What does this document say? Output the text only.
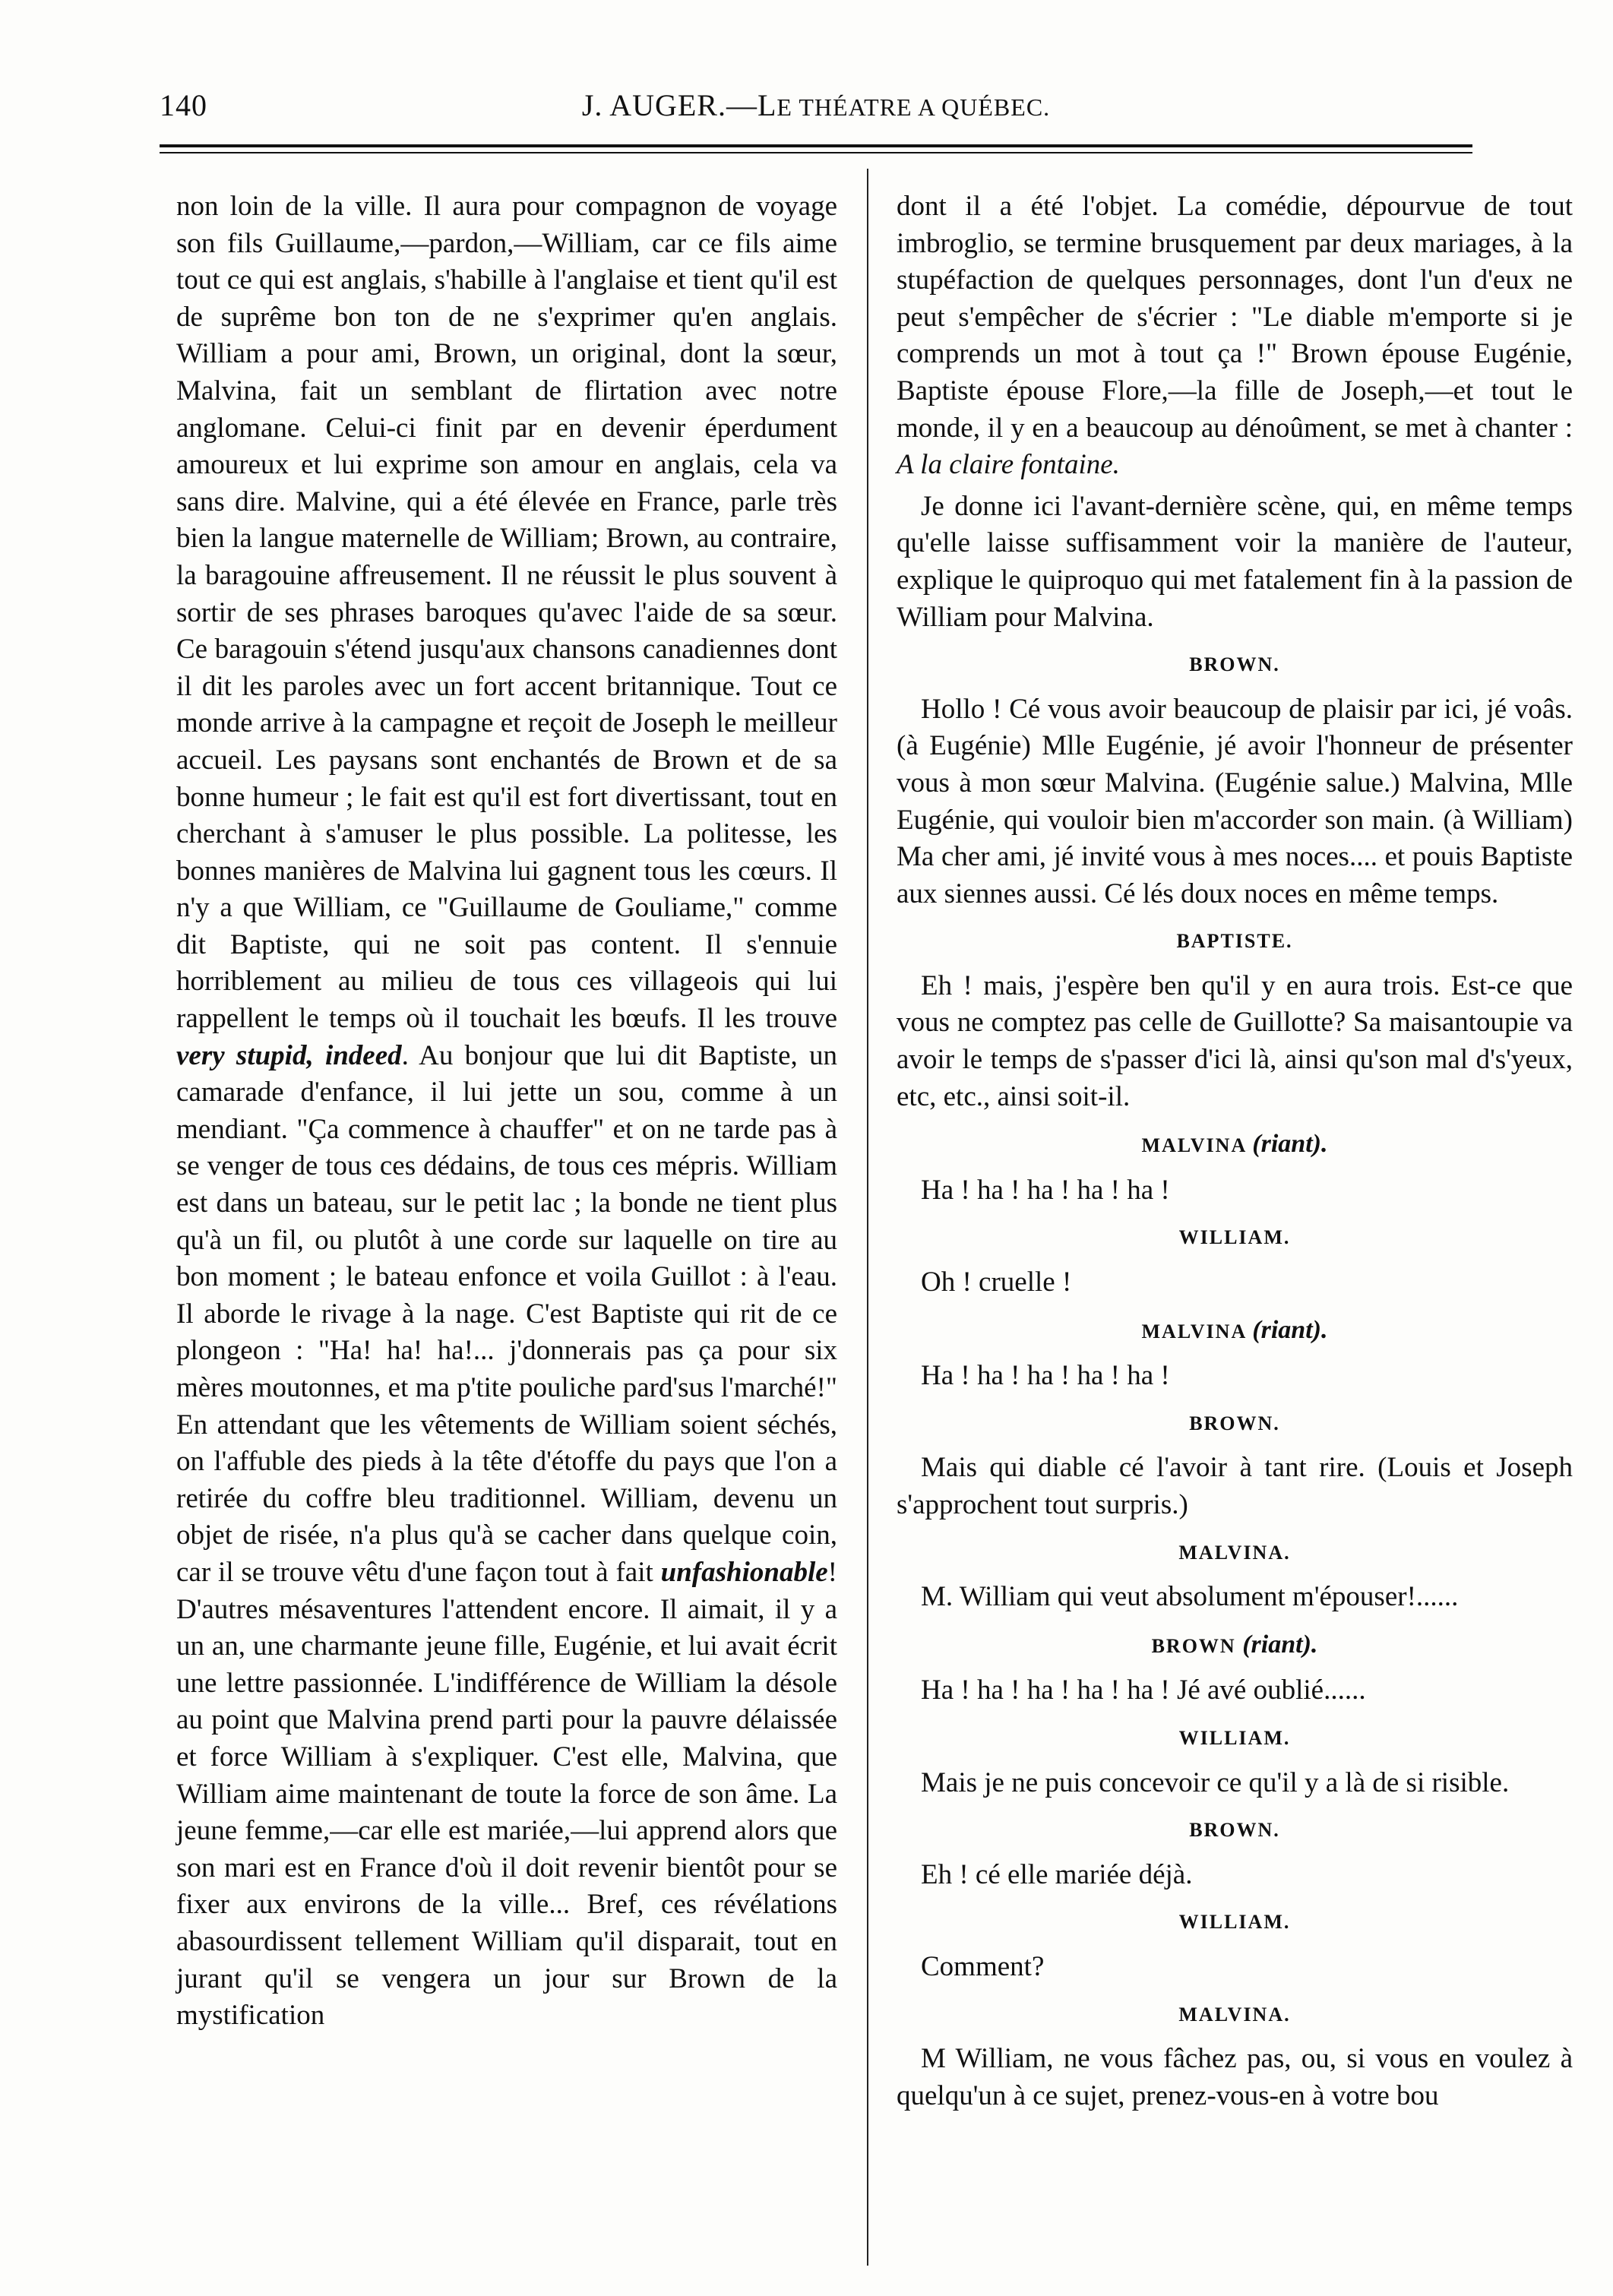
140	J. AUGER.—LE THÉATRE A QUÉBEC.

non loin de la ville. Il aura pour compagnon de voyage son fils Guillaume,—pardon,—William, car ce fils aime tout ce qui est anglais, s'habille à l'anglaise et tient qu'il est de suprême bon ton de ne s'exprimer qu'en anglais. William a pour ami, Brown, un original, dont la sœur, Malvina, fait un semblant de flirtation avec notre anglomane. Celui-ci finit par en devenir éperdument amoureux et lui exprime son amour en anglais, cela va sans dire. Malvine, qui a été élevée en France, parle très bien la langue maternelle de William; Brown, au contraire, la baragouine affreusement. Il ne réussit le plus souvent à sortir de ses phrases baroques qu'avec l'aide de sa sœur. Ce baragouin s'étend jusqu'aux chansons canadiennes dont il dit les paroles avec un fort accent britannique. Tout ce monde arrive à la campagne et reçoit de Joseph le meilleur accueil. Les paysans sont enchantés de Brown et de sa bonne humeur ; le fait est qu'il est fort divertissant, tout en cherchant à s'amuser le plus possible. La politesse, les bonnes manières de Malvina lui gagnent tous les cœurs. Il n'y a que William, ce "Guillaume de Gouliame," comme dit Baptiste, qui ne soit pas content. Il s'ennuie horriblement au milieu de tous ces villageois qui lui rappellent le temps où il touchait les bœufs. Il les trouve very stupid, indeed. Au bonjour que lui dit Baptiste, un camarade d'enfance, il lui jette un sou, comme à un mendiant. "Ça commence à chauffer" et on ne tarde pas à se venger de tous ces dédains, de tous ces mépris. William est dans un bateau, sur le petit lac ; la bonde ne tient plus qu'à un fil, ou plutôt à une corde sur laquelle on tire au bon moment ; le bateau enfonce et voila Guillot : à l'eau. Il aborde le rivage à la nage. C'est Baptiste qui rit de ce plongeon : "Ha! ha! ha!... j'donnerais pas ça pour six mères moutonnes, et ma p'tite pouliche pard'sus l'marché!" En attendant que les vêtements de William soient séchés, on l'affuble des pieds à la tête d'étoffe du pays que l'on a retirée du coffre bleu traditionnel. William, devenu un objet de risée, n'a plus qu'à se cacher dans quelque coin, car il se trouve vêtu d'une façon tout à fait unfashionable! D'autres mésaventures l'attendent encore. Il aimait, il y a un an, une charmante jeune fille, Eugénie, et lui avait écrit une lettre passionnée. L'indifférence de William la désole au point que Malvina prend parti pour la pauvre délaissée et force William à s'expliquer. C'est elle, Malvina, que William aime maintenant de toute la force de son âme. La jeune femme,—car elle est mariée,—lui apprend alors que son mari est en France d'où il doit revenir bientôt pour se fixer aux environs de la ville... Bref, ces révélations abasourdissent tellement William qu'il disparait, tout en jurant qu'il se vengera un jour sur Brown de la mystification

dont il a été l'objet. La comédie, dépourvue de tout imbroglio, se termine brusquement par deux mariages, à la stupéfaction de quelques personnages, dont l'un d'eux ne peut s'empêcher de s'écrier : "Le diable m'emporte si je comprends un mot à tout ça !" Brown épouse Eugénie, Baptiste épouse Flore,—la fille de Joseph,—et tout le monde, il y en a beaucoup au dénoûment, se met à chanter : A la claire fontaine.

Je donne ici l'avant-dernière scène, qui, en même temps qu'elle laisse suffisamment voir la manière de l'auteur, explique le quiproquo qui met fatalement fin à la passion de William pour Malvina.

BROWN.

Hollo ! Cé vous avoir beaucoup de plaisir par ici, jé voâs. (à Eugénie) Mlle Eugénie, jé avoir l'honneur de présenter vous à mon sœur Malvina. (Eugénie salue.) Malvina, Mlle Eugénie, qui vouloir bien m'accorder son main. (à William) Ma cher ami, jé invité vous à mes noces.... et pouis Baptiste aux siennes aussi. Cé lés doux noces en même temps.

BAPTISTE.

Eh ! mais, j'espère ben qu'il y en aura trois. Est-ce que vous ne comptez pas celle de Guillotte? Sa maisantoupie va avoir le temps de s'passer d'ici là, ainsi qu'son mal d's'yeux, etc, etc., ainsi soit-il.

MALVINA (riant).

Ha ! ha ! ha ! ha ! ha !

WILLIAM.

Oh ! cruelle !

MALVINA (riant).

Ha ! ha ! ha ! ha ! ha !

BROWN.

Mais qui diable cé l'avoir à tant rire. (Louis et Joseph s'approchent tout surpris.)

MALVINA.

M. William qui veut absolument m'épouser!......

BROWN (riant).

Ha ! ha ! ha ! ha ! ha ! Jé avé oublié......

WILLIAM.

Mais je ne puis concevoir ce qu'il y a là de si risible.

BROWN.

Eh ! cé elle mariée déjà.

WILLIAM.

Comment?

MALVINA.

M William, ne vous fâchez pas, ou, si vous en voulez à quelqu'un à ce sujet, prenez-vous-en à votre bou
